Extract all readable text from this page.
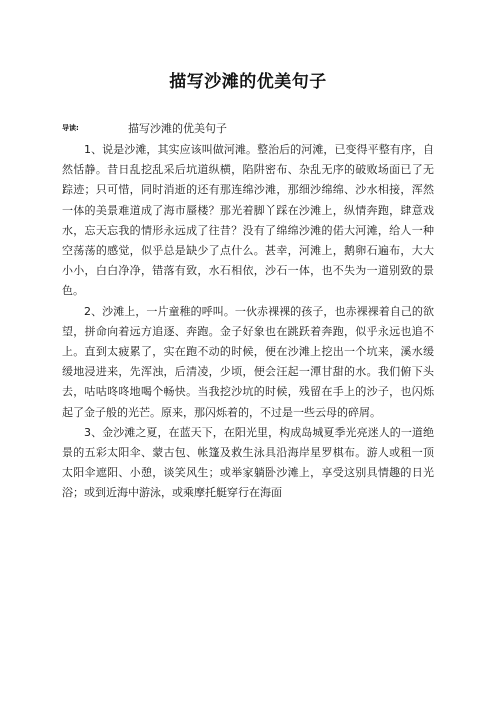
描写沙滩的优美句子
导读:	描写沙滩的优美句子

1、说是沙滩，其实应该叫做河滩。整治后的河滩，已变得平整有序，自然恬静。昔日乱挖乱采后坑道纵横，陷阱密布、杂乱无序的破败场面已了无踪迹；只可惜，同时消逝的还有那连绵沙滩，那细沙绵绵、沙水相接，浑然一体的美景难道成了海市蜃楼？那光着脚丫踩在沙滩上，纵情奔跑，肆意戏水，忘天忘我的情形永远成了往昔？没有了绵绵沙滩的偌大河滩，给人一种空荡荡的感觉，似乎总是缺少了点什么。甚幸，河滩上，鹅卵石遍布，大大小小，白白净净，错落有致，水石相依，沙石一体，也不失为一道别致的景色。

2、沙滩上，一片童稚的呼叫。一伙赤裸裸的孩子，也赤裸裸着自己的欲望，拼命向着远方追逐、奔跑。金子好象也在跳跃着奔跑，似乎永远也追不上。直到太疲累了，实在跑不动的时候，便在沙滩上挖出一个坑来，溪水缓缓地浸进来，先浑浊，后清凌，少顷，便会汪起一潭甘甜的水。我们俯下头去，咕咕咚咚地喝个畅快。当我挖沙坑的时候，残留在手上的沙子，也闪烁起了金子般的光芒。原来，那闪烁着的，不过是一些云母的碎屑。

3、金沙滩之夏，在蓝天下，在阳光里，构成岛城夏季光亮迷人的一道绝景的五彩太阳伞、蒙古包、帐篷及救生泳具沿海岸星罗棋布。游人或租一顶太阳伞遮阳、小憩，谈笑风生；或举家躺卧沙滩上，享受这别具情趣的日光浴；或到近海中游泳，或乘摩托艇穿行在海面
